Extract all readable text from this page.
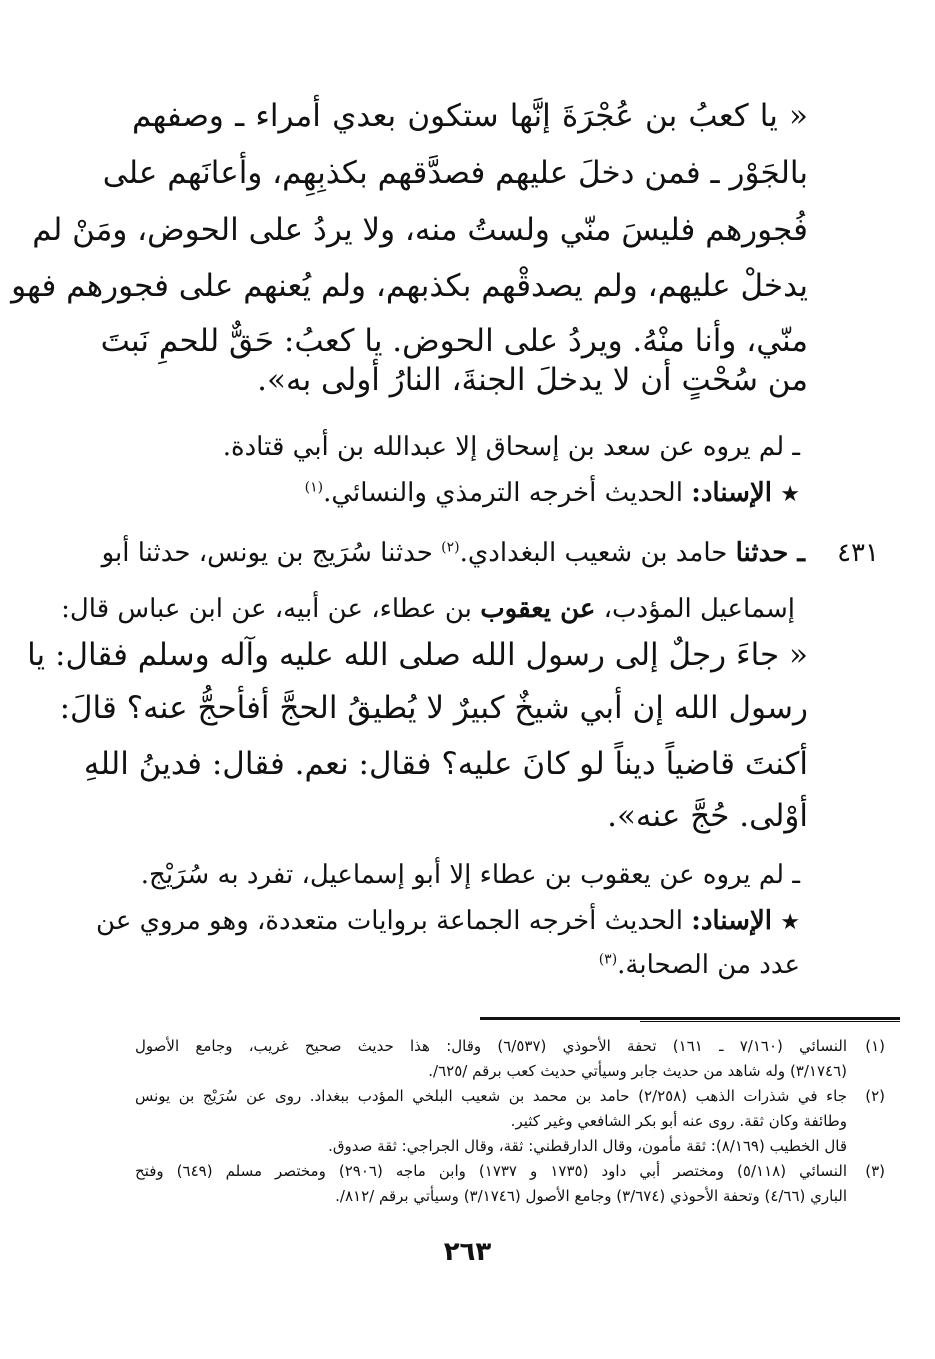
« يا كعبُ بن عُجْرَةَ إنَّها ستكون بعدي أمراء ـ وصفهم
بالجَوْر ـ فمن دخلَ عليهم فصدَّقهم بكذبِهِم، وأعانَهم على
فُجورهم فليسَ منّي ولستُ منه، ولا يردُ على الحوض، ومَنْ لم
يدخلْ عليهم، ولم يصدقْهم بكذبهم، ولم يُعنهم على فجورهم فهو
منّي، وأنا منْهُ. ويردُ على الحوض. يا كعبُ: حَقٌّ للحمِ نَبتَ
من سُحْتٍ أن لا يدخلَ الجنةَ، النارُ أولى به».
ـ لم يروه عن سعد بن إسحاق إلا عبدالله بن أبي قتادة.
★ الإسناد: الحديث أخرجه الترمذي والنسائي.$^{(١)}$
٤٣١
ـ حدثنا حامد بن شعيب البغدادي.$^{(٢)}$ حدثنا سُرَيج بن يونس، حدثنا أبو
إسماعيل المؤدب، عن يعقوب بن عطاء، عن أبيه، عن ابن عباس قال:
« جاءَ رجلٌ إلى رسول الله صلى الله عليه وآله وسلم فقال: يا
رسول الله إن أبي شيخٌ كبيرٌ لا يُطيقُ الحجَّ أفأحجُّ عنه؟ قالَ:
أكنتَ قاضياً ديناً لو كانَ عليه؟ فقال: نعم. فقال: فدينُ اللهِ
أوْلى. حُجَّ عنه».
ـ لم يروه عن يعقوب بن عطاء إلا أبو إسماعيل، تفرد به سُرَيْج.
★ الإسناد: الحديث أخرجه الجماعة بروايات متعددة، وهو مروي عن
عدد من الصحابة.$^{(٣)}$
(١)
النسائي (٧/١٦٠ ـ ١٦١) تحفة الأحوذي (٦/٥٣٧) وقال: هذا حديث صحيح غريب، وجامع الأصول
(٣/١٧٤٦) وله شاهد من حديث جابر وسيأتي حديث كعب برقم /٦٢٥/.
(٢)
جاء في شذرات الذهب (٢/٢٥٨) حامد بن محمد بن شعيب البلخي المؤدب ببغداد. روى عن سُرَيْج بن يونس
وطائفة وكان ثقة. روى عنه أبو بكر الشافعي وغير كثير.
قال الخطيب (٨/١٦٩): ثقة مأمون، وقال الدارقطني: ثقة، وقال الجراجي: ثقة صدوق.
(٣)
النسائي (٥/١١٨) ومختصر أبي داود (١٧٣٥ و ١٧٣٧) وابن ماجه (٢٩٠٦) ومختصر مسلم (٦٤٩) وفتح
الباري (٤/٦٦) وتحفة الأحوذي (٣/٦٧٤) وجامع الأصول (٣/١٧٤٦) وسيأتي برقم /٨١٢/.
٢٦٣
